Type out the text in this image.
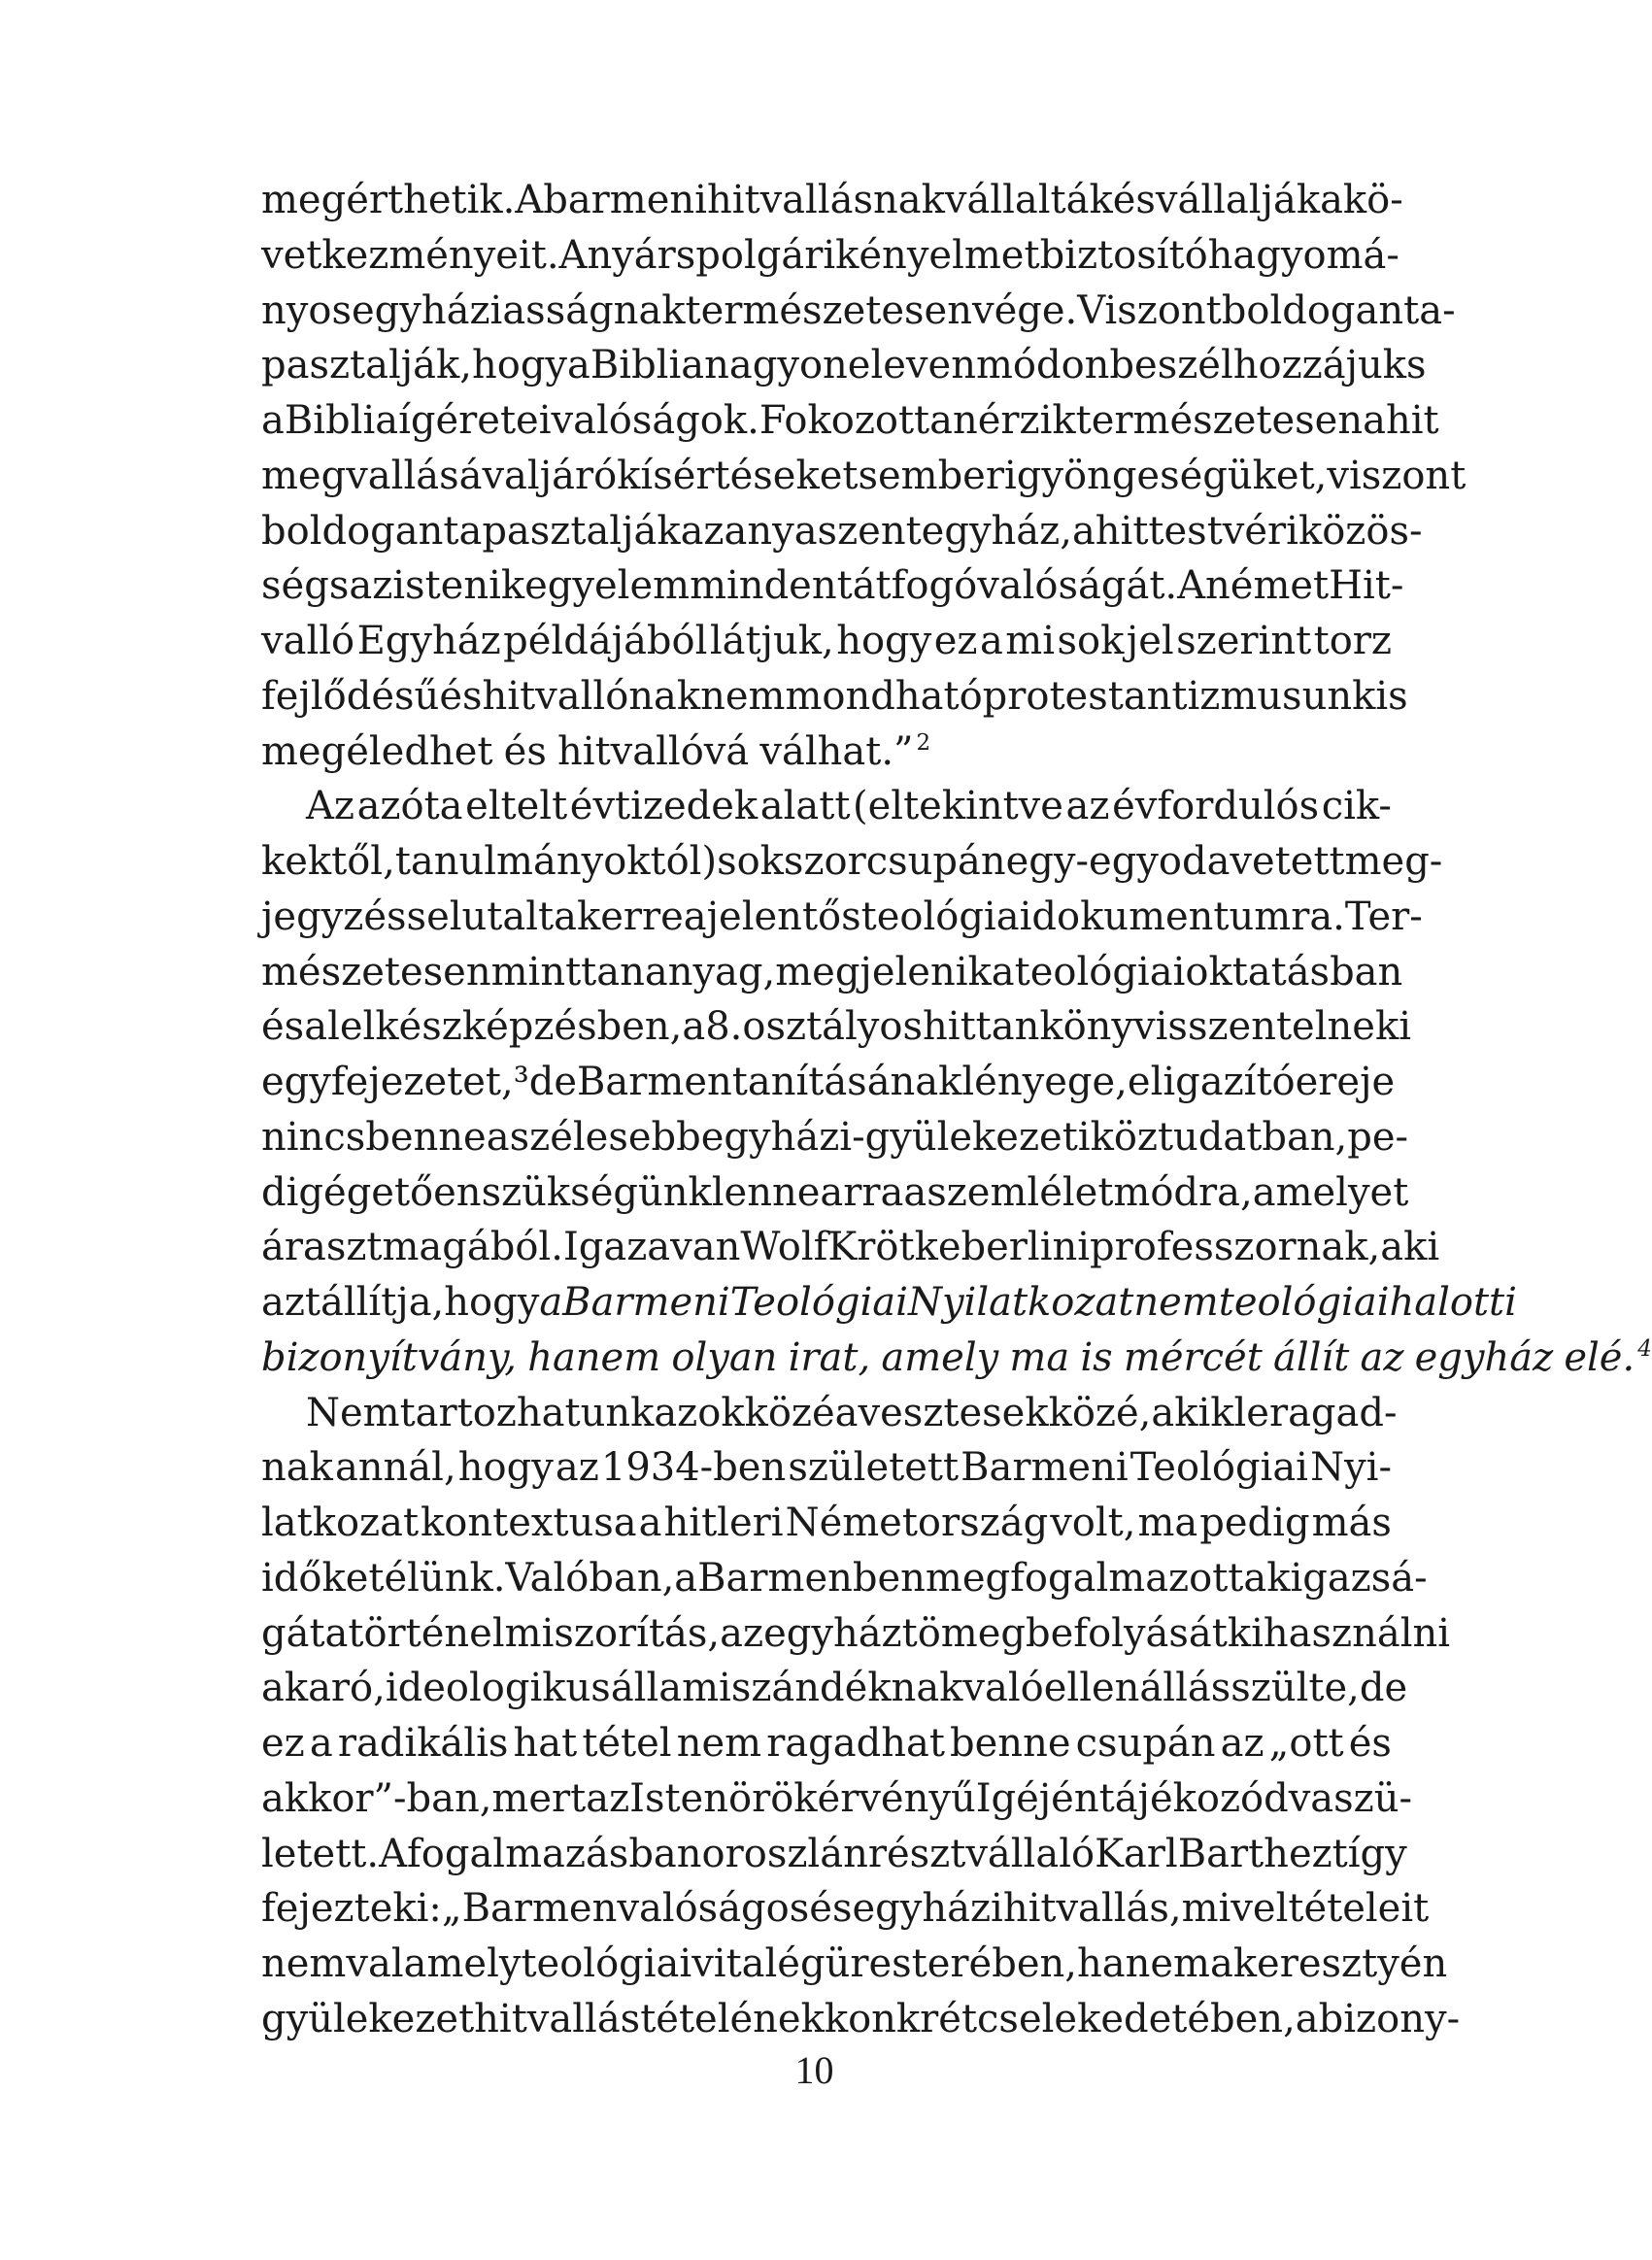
megérthetik. A barmeni hitvallásnak vállalták és vállalják a kö-
vetkezményeit. A nyárspolgári kényelmet biztosító hagyomá-
nyos egyháziasságnak természetesen vége. Viszont boldogan ta-
pasztalják, hogy a Biblia nagyon eleven módon beszél hozzájuk s
a Biblia ígéretei valóságok. Fokozottan érzik természetesen a hit
megvallásával járó kísértéseket s emberi gyöngeségüket, viszont
boldogan tapasztalják az anyaszentegyház, a hittestvéri közös-
ség s az isteni kegyelem mindent átfogó valóságát. A német Hit-
valló Egyház példájából látjuk, hogy ez a mi sok jel szerint torz
fejlődésű és hitvallónak nem mondható protestantizmusunk is
megéledhet és hitvallóvá válhat.” $^2$
Az azóta eltelt évtizedek alatt (eltekintve az évfordulós cik-
kektől, tanulmányoktól) sokszor csupán egy-egy odavetett meg-
jegyzéssel utaltak erre a jelentős teológiai dokumentumra. Ter-
mészetesen mint tananyag, megjelenik a teológiai oktatásban
és a lelkészképzésben, a 8. osztályos hittankönyv is szentel neki
egy fejezetet,³ de Barmen tanításának lényege, eligazító ereje
nincs benne a szélesebb egyházi-gyülekezeti köztudatban, pe-
dig égetően szükségünk lenne arra a szemléletmódra, amelyet
áraszt magából. Igaza van Wolf Krötke berlini professzornak, aki
azt állítja, hogy a Barmeni Teológiai Nyilatkozat nem teológiai halotti
bizonyítvány, hanem olyan irat, amely ma is mércét állít az egyház elé. $^4$
Nem tartozhatunk azok közé a vesztesek közé, akik leragad-
nak annál, hogy az 1934-ben született Barmeni Teológiai Nyi-
latkozat kontextusa a hitleri Németország volt, ma pedig más
időket élünk. Valóban, a Barmenben megfogalmazottak igazsá-
gát a történelmi szorítás, az egyház tömegbefolyását kihasználni
akaró, ideologikus állami szándéknak való ellenállás szülte, de
ez a radikális hat tétel nem ragadhat benne csupán az „ott és
akkor”-ban, mert az Isten örök érvényű Igéjén tájékozódva szü-
letett. A fogalmazásban oroszlánrészt vállaló Karl Barth ezt így
fejezte ki: „Barmen valóságos és egyházi hitvallás, mivel tételeit
nem valamely teológiai vita légüres terében, hanem a keresztyén
gyülekezet hitvallástételének konkrét cselekedetében, a bizony-
10
